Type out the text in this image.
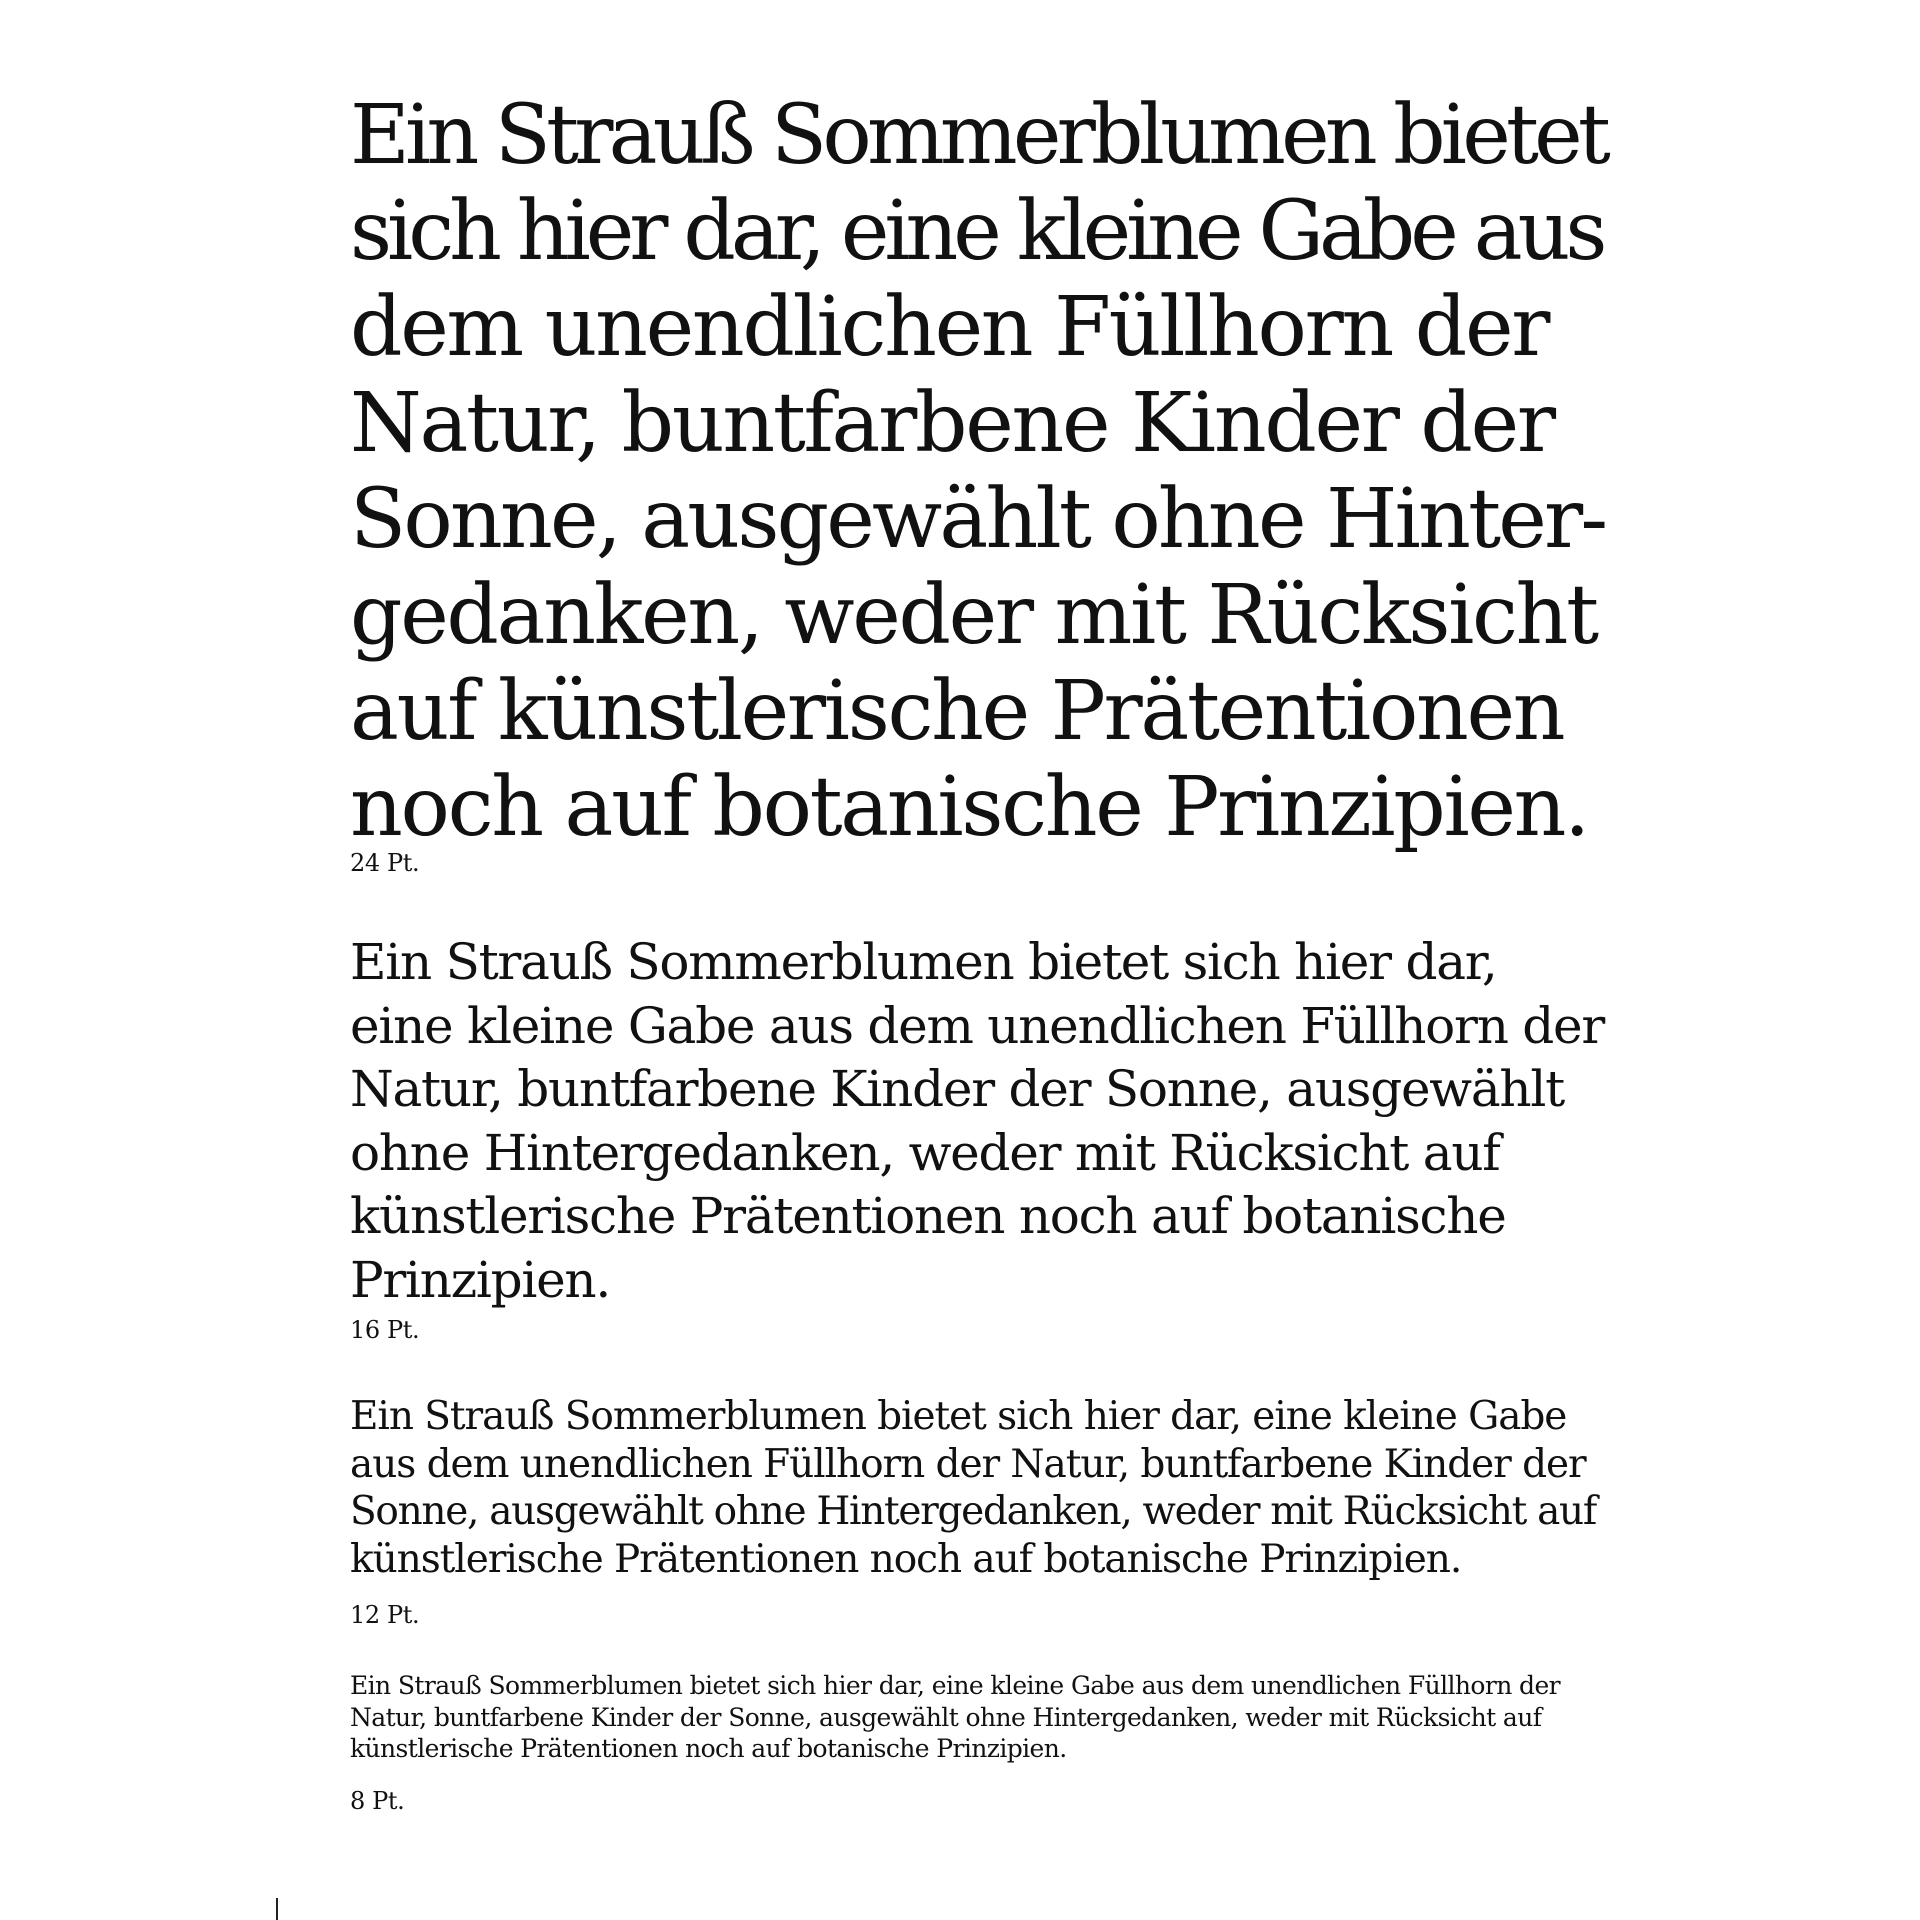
Ein Strauß Sommerblumen bietet
sich hier dar, eine kleine Gabe aus
dem unendlichen Füllhorn der
Natur, buntfarbene Kinder der
Sonne, ausgewählt ohne Hinter-
gedanken, weder mit Rücksicht
auf künstlerische Prätentionen
noch auf botanische Prinzipien.
24 Pt.
Ein Strauß Sommerblumen bietet sich hier dar,
eine kleine Gabe aus dem unendlichen Füllhorn der
Natur, buntfarbene Kinder der Sonne, ausgewählt
ohne Hintergedanken, weder mit Rücksicht auf
künstlerische Prätentionen noch auf botanische
Prinzipien.
16 Pt.
Ein Strauß Sommerblumen bietet sich hier dar, eine kleine Gabe
aus dem unendlichen Füllhorn der Natur, buntfarbene Kinder der
Sonne, ausgewählt ohne Hintergedanken, weder mit Rücksicht auf
künstlerische Prätentionen noch auf botanische Prinzipien.
12 Pt.
Ein Strauß Sommerblumen bietet sich hier dar, eine kleine Gabe aus dem unendlichen Füllhorn der
Natur, buntfarbene Kinder der Sonne, ausgewählt ohne Hintergedanken, weder mit Rücksicht auf
künstlerische Prätentionen noch auf botanische Prinzipien.
8 Pt.
